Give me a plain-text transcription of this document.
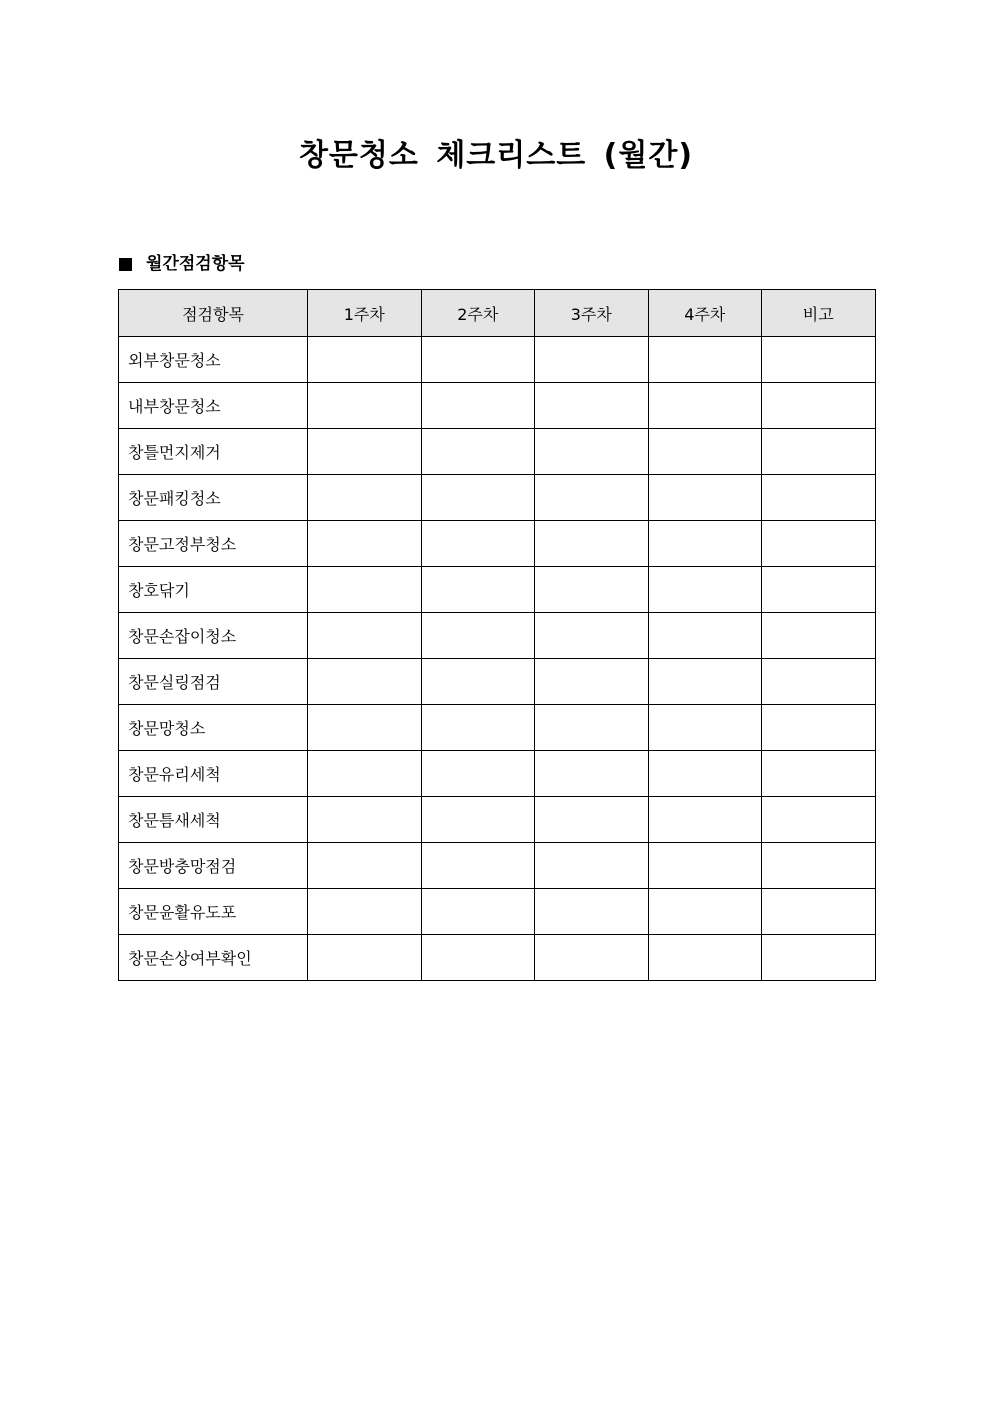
창문청소 체크리스트 (월간)
월간점검항목
점검항목	1주차	2주차	3주차	4주차	비고
외부창문청소					
내부창문청소					
창틀먼지제거					
창문패킹청소					
창문고정부청소					
창호닦기					
창문손잡이청소					
창문실링점검					
창문망청소					
창문유리세척					
창문틈새세척					
창문방충망점검					
창문윤활유도포					
창문손상여부확인					
